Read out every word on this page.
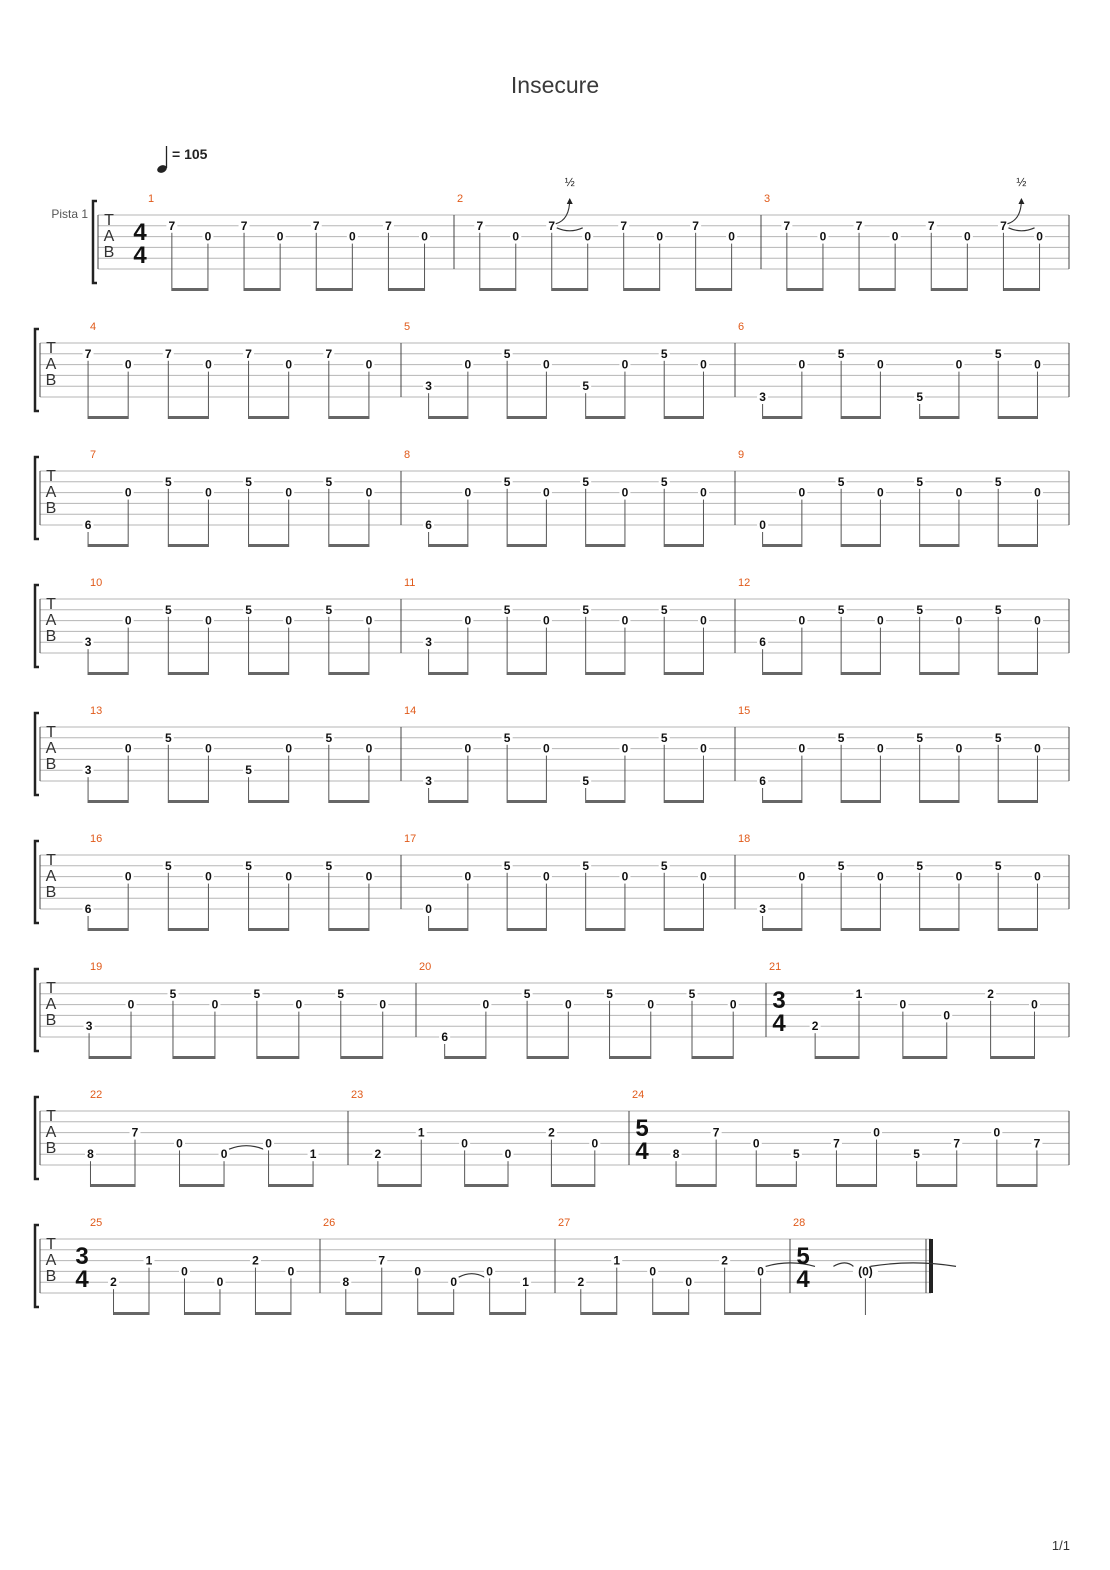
Insecure
= 105
T
A
B
Pista 1
1
4
4
7
0
7
0
7
0
7
0
2
7
0
7
½
0
7
0
7
0
3
7
0
7
0
7
0
7
½
0
T
A
B
4
7
0
7
0
7
0
7
0
5
3
0
5
0
5
0
5
0
6
3
0
5
0
5
0
5
0
T
A
B
7
6
0
5
0
5
0
5
0
8
6
0
5
0
5
0
5
0
9
0
0
5
0
5
0
5
0
T
A
B
10
3
0
5
0
5
0
5
0
11
3
0
5
0
5
0
5
0
12
6
0
5
0
5
0
5
0
T
A
B
13
3
0
5
0
5
0
5
0
14
3
0
5
0
5
0
5
0
15
6
0
5
0
5
0
5
0
T
A
B
16
6
0
5
0
5
0
5
0
17
0
0
5
0
5
0
5
0
18
3
0
5
0
5
0
5
0
T
A
B
19
3
0
5
0
5
0
5
0
20
6
0
5
0
5
0
5
0
21
3
4 2
1
0
0
2
0
T
A
B
22
8
7
0
0
0
1
23
2
1
0
0
2
0
24
5
4 8
7
0
5
7
0
5
7
0
7
T
A
B
25
3
4 2
1
0
0
2
0
26
8
7
0
0
0
1
27
2
1
0
0
2
0
28
5
4	(0)
1/1
